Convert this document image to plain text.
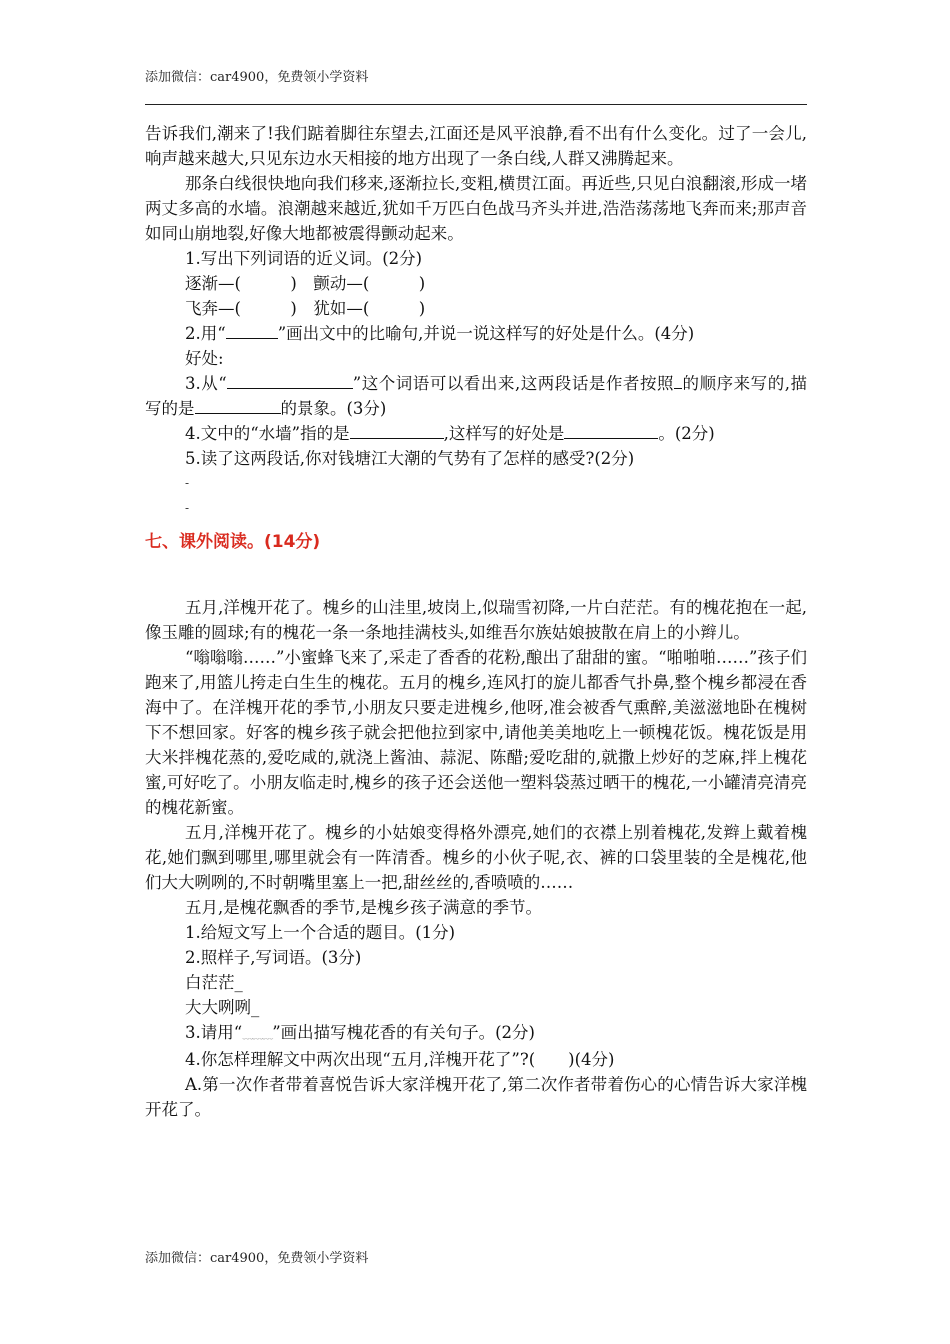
添加微信：car4900，免费领小学资料

告诉我们,潮来了!我们踮着脚往东望去,江面还是风平浪静,看不出有什么变化。过了一会儿,响声越来越大,只见东边水天相接的地方出现了一条白线,人群又沸腾起来。

那条白线很快地向我们移来,逐渐拉长,变粗,横贯江面。再近些,只见白浪翻滚,形成一堵两丈多高的水墙。浪潮越来越近,犹如千万匹白色战马齐头并进,浩浩荡荡地飞奔而来;那声音如同山崩地裂,好像大地都被震得颤动起来。

1.写出下列词语的近义词。(2分)

逐渐—(　　　)　颤动—(　　　)

飞奔—(　　　)　犹如—(　　　)

2.用“	”画出文中的比喻句,并说一说这样写的好处是什么。(4分)

好处:

3.从“	”这个词语可以看出来,这两段话是作者按照 的顺序来写的,描写的是	的景象。(3分)

4.文中的“水墙”指的是	,这样写的好处是	。(2分)

5.读了这两段话,你对钱塘江大潮的气势有了怎样的感受?(2分)

-

-

七、课外阅读。(14分)

五月,洋槐开花了。槐乡的山洼里,坡岗上,似瑞雪初降,一片白茫茫。有的槐花抱在一起,像玉雕的圆球;有的槐花一条一条地挂满枝头,如维吾尔族姑娘披散在肩上的小辫儿。

“嗡嗡嗡……”小蜜蜂飞来了,采走了香香的花粉,酿出了甜甜的蜜。“啪啪啪……”孩子们跑来了,用篮儿挎走白生生的槐花。五月的槐乡,连风打的旋儿都香气扑鼻,整个槐乡都浸在香海中了。在洋槐开花的季节,小朋友只要走进槐乡,他呀,准会被香气熏醉,美滋滋地卧在槐树下不想回家。好客的槐乡孩子就会把他拉到家中,请他美美地吃上一顿槐花饭。槐花饭是用大米拌槐花蒸的,爱吃咸的,就浇上酱油、蒜泥、陈醋;爱吃甜的,就撒上炒好的芝麻,拌上槐花蜜,可好吃了。小朋友临走时,槐乡的孩子还会送他一塑料袋蒸过晒干的槐花,一小罐清亮清亮的槐花新蜜。

五月,洋槐开花了。槐乡的小姑娘变得格外漂亮,她们的衣襟上别着槐花,发辫上戴着槐花,她们飘到哪里,哪里就会有一阵清香。槐乡的小伙子呢,衣、裤的口袋里装的全是槐花,他们大大咧咧的,不时朝嘴里塞上一把,甜丝丝的,香喷喷的……

五月,是槐花飘香的季节,是槐乡孩子满意的季节。

1.给短文写上一个合适的题目。(1分)

2.照样子,写词语。(3分)

白茫茫_

大大咧咧_

3.请用“﹏﹏﹏”画出描写槐花香的有关句子。(2分)

4.你怎样理解文中两次出现“五月,洋槐开花了”?(　　)(4分)

A.第一次作者带着喜悦告诉大家洋槐开花了,第二次作者带着伤心的心情告诉大家洋槐开花了。

添加微信：car4900，免费领小学资料
